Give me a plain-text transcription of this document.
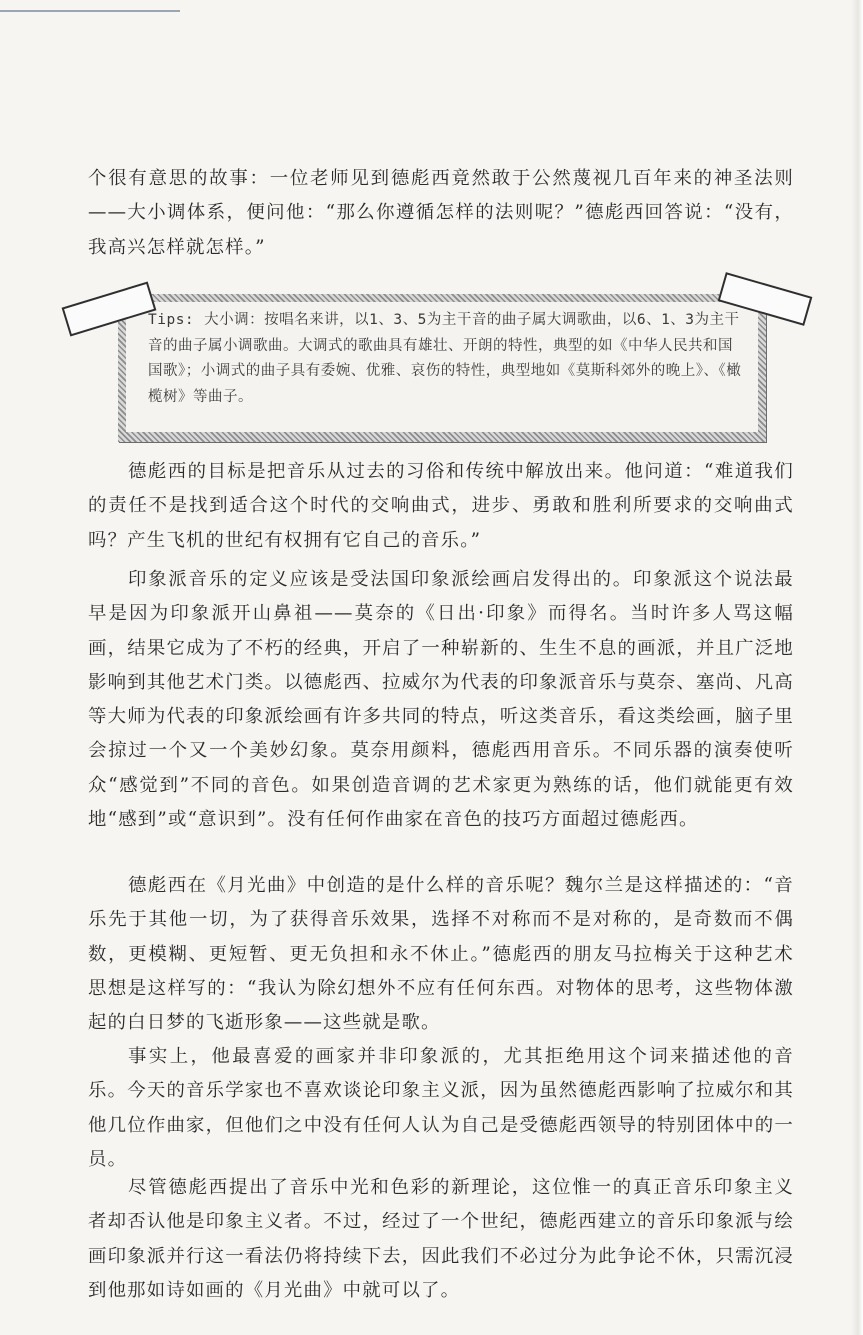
个很有意思的故事：一位老师见到德彪西竟然敢于公然蔑视几百年来的神圣法则——大小调体系，便问他：“那么你遵循怎样的法则呢？”德彪西回答说：“没有，我高兴怎样就怎样。”

Tips: 大小调：按唱名来讲，以1、3、5为主干音的曲子属大调歌曲，以6、1、3为主干音的曲子属小调歌曲。大调式的歌曲具有雄壮、开朗的特性，典型的如《中华人民共和国国歌》；小调式的曲子具有委婉、优雅、哀伤的特性，典型地如《莫斯科郊外的晚上》、《橄榄树》等曲子。

德彪西的目标是把音乐从过去的习俗和传统中解放出来。他问道：“难道我们的责任不是找到适合这个时代的交响曲式，进步、勇敢和胜利所要求的交响曲式吗？产生飞机的世纪有权拥有它自己的音乐。”

印象派音乐的定义应该是受法国印象派绘画启发得出的。印象派这个说法最早是因为印象派开山鼻祖——莫奈的《日出·印象》而得名。当时许多人骂这幅画，结果它成为了不朽的经典，开启了一种崭新的、生生不息的画派，并且广泛地影响到其他艺术门类。以德彪西、拉威尔为代表的印象派音乐与莫奈、塞尚、凡高等大师为代表的印象派绘画有许多共同的特点，听这类音乐，看这类绘画，脑子里会掠过一个又一个美妙幻象。莫奈用颜料，德彪西用音乐。不同乐器的演奏使听众“感觉到”不同的音色。如果创造音调的艺术家更为熟练的话，他们就能更有效地“感到”或“意识到”。没有任何作曲家在音色的技巧方面超过德彪西。

德彪西在《月光曲》中创造的是什么样的音乐呢？魏尔兰是这样描述的：“音乐先于其他一切，为了获得音乐效果，选择不对称而不是对称的，是奇数而不偶数，更模糊、更短暂、更无负担和永不休止。”德彪西的朋友马拉梅关于这种艺术思想是这样写的：“我认为除幻想外不应有任何东西。对物体的思考，这些物体激起的白日梦的飞逝形象——这些就是歌。

事实上，他最喜爱的画家并非印象派的，尤其拒绝用这个词来描述他的音乐。今天的音乐学家也不喜欢谈论印象主义派，因为虽然德彪西影响了拉威尔和其他几位作曲家，但他们之中没有任何人认为自己是受德彪西领导的特别团体中的一员。

尽管德彪西提出了音乐中光和色彩的新理论，这位惟一的真正音乐印象主义者却否认他是印象主义者。不过，经过了一个世纪，德彪西建立的音乐印象派与绘画印象派并行这一看法仍将持续下去，因此我们不必过分为此争论不休，只需沉浸到他那如诗如画的《月光曲》中就可以了。
